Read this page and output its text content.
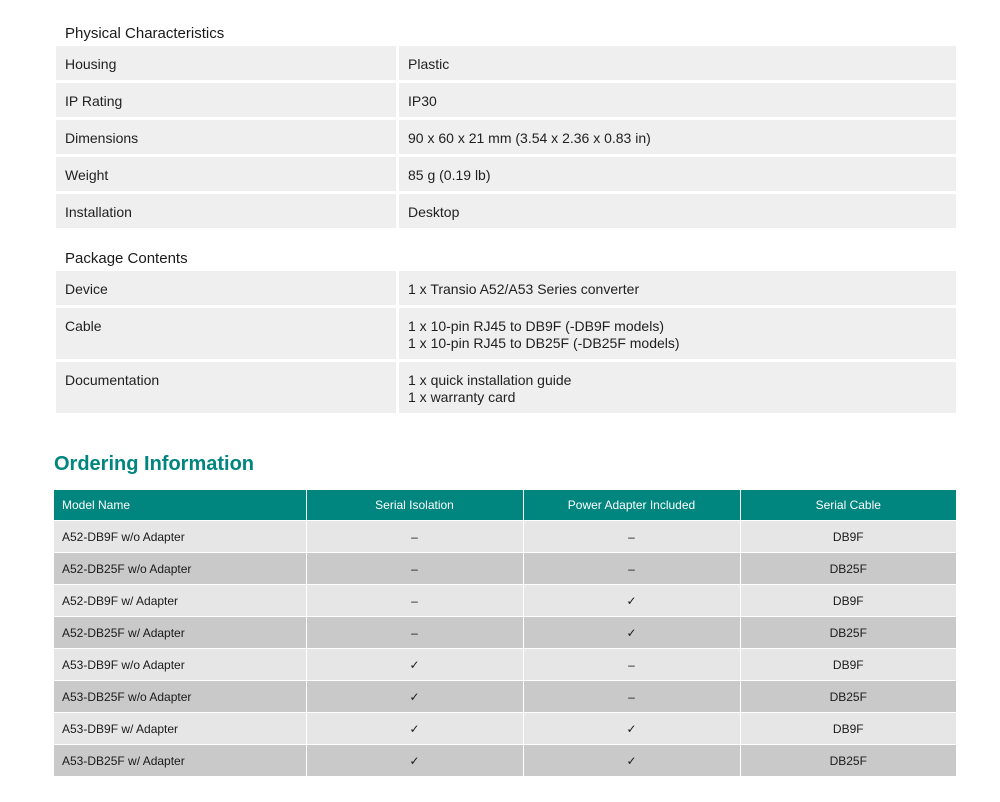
Physical Characteristics
Housing	Plastic
IP Rating	IP30
Dimensions	90 x 60 x 21 mm (3.54 x 2.36 x 0.83 in)
Weight	85 g (0.19 lb)
Installation	Desktop
Package Contents
Device	1 x Transio A52/A53 Series converter
Cable	1 x 10-pin RJ45 to DB9F (-DB9F models)
1 x 10-pin RJ45 to DB25F (-DB25F models)
Documentation	1 x quick installation guide
1 x warranty card
Ordering Information
Model Name	Serial Isolation	Power Adapter Included	Serial Cable
A52-DB9F w/o Adapter	–	–	DB9F
A52-DB25F w/o Adapter	–	–	DB25F
A52-DB9F w/ Adapter	–	✓	DB9F
A52-DB25F w/ Adapter	–	✓	DB25F
A53-DB9F w/o Adapter	✓	–	DB9F
A53-DB25F w/o Adapter	✓	–	DB25F
A53-DB9F w/ Adapter	✓	✓	DB9F
A53-DB25F w/ Adapter	✓	✓	DB25F
